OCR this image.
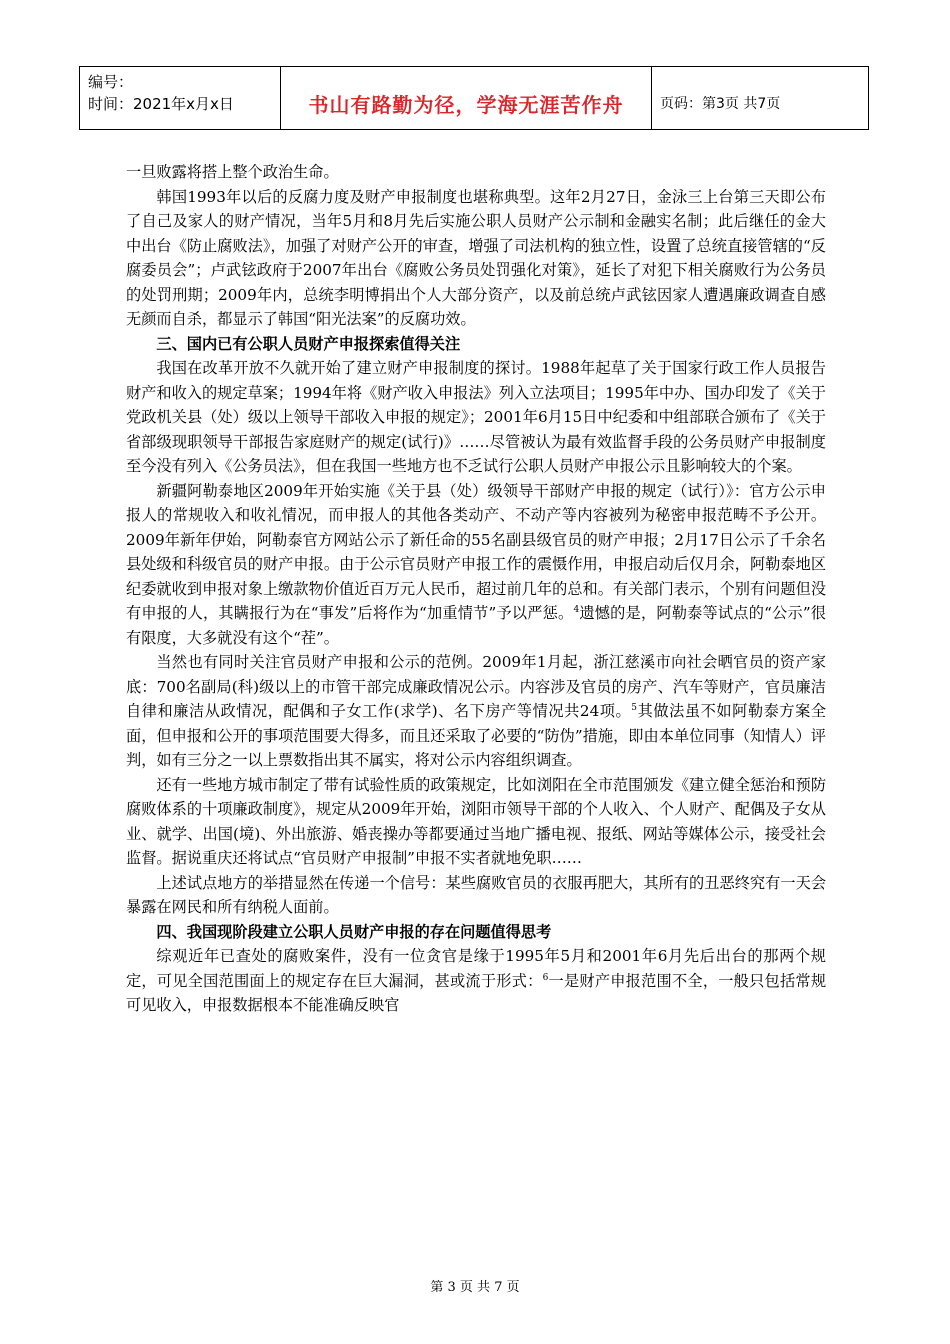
编号：
时间：2021年x月x日	书山有路勤为径，学海无涯苦作舟	页码：第3页 共7页

一旦败露将搭上整个政治生命。

韩国1993年以后的反腐力度及财产申报制度也堪称典型。这年2月27日，金泳三上台第三天即公布了自己及家人的财产情况，当年5月和8月先后实施公职人员财产公示制和金融实名制；此后继任的金大中出台《防止腐败法》，加强了对财产公开的审查，增强了司法机构的独立性，设置了总统直接管辖的“反腐委员会”；卢武铉政府于2007年出台《腐败公务员处罚强化对策》，延长了对犯下相关腐败行为公务员的处罚刑期；2009年内，总统李明博捐出个人大部分资产，以及前总统卢武铉因家人遭遇廉政调查自感无颜而自杀，都显示了韩国“阳光法案”的反腐功效。

三、国内已有公职人员财产申报探索值得关注

我国在改革开放不久就开始了建立财产申报制度的探讨。1988年起草了关于国家行政工作人员报告财产和收入的规定草案；1994年将《财产收入申报法》列入立法项目；1995年中办、国办印发了《关于党政机关县（处）级以上领导干部收入申报的规定》；2001年6月15日中纪委和中组部联合颁布了《关于省部级现职领导干部报告家庭财产的规定(试行)》……尽管被认为最有效监督手段的公务员财产申报制度至今没有列入《公务员法》，但在我国一些地方也不乏试行公职人员财产申报公示且影响较大的个案。

新疆阿勒泰地区2009年开始实施《关于县（处）级领导干部财产申报的规定（试行）》：官方公示申报人的常规收入和收礼情况，而申报人的其他各类动产、不动产等内容被列为秘密申报范畴不予公开。2009年新年伊始，阿勒泰官方网站公示了新任命的55名副县级官员的财产申报；2月17日公示了千余名县处级和科级官员的财产申报。由于公示官员财产申报工作的震慑作用，申报启动后仅月余，阿勒泰地区纪委就收到申报对象上缴款物价值近百万元人民币，超过前几年的总和。有关部门表示，个别有问题但没有申报的人，其瞒报行为在“事发”后将作为“加重情节”予以严惩。$^4$遗憾的是，阿勒泰等试点的“公示”很有限度，大多就没有这个“茬”。

当然也有同时关注官员财产申报和公示的范例。2009年1月起，浙江慈溪市向社会晒官员的资产家底：700名副局(科)级以上的市管干部完成廉政情况公示。内容涉及官员的房产、汽车等财产，官员廉洁自律和廉洁从政情况，配偶和子女工作(求学)、名下房产等情况共24项。$^5$其做法虽不如阿勒泰方案全面，但申报和公开的事项范围要大得多，而且还采取了必要的“防伪”措施，即由本单位同事（知情人）评判，如有三分之一以上票数指出其不属实，将对公示内容组织调查。

还有一些地方城市制定了带有试验性质的政策规定，比如浏阳在全市范围颁发《建立健全惩治和预防腐败体系的十项廉政制度》，规定从2009年开始，浏阳市领导干部的个人收入、个人财产、配偶及子女从业、就学、出国(境)、外出旅游、婚丧操办等都要通过当地广播电视、报纸、网站等媒体公示，接受社会监督。据说重庆还将试点“官员财产申报制”申报不实者就地免职……

上述试点地方的举措显然在传递一个信号：某些腐败官员的衣服再肥大，其所有的丑恶终究有一天会暴露在网民和所有纳税人面前。

四、我国现阶段建立公职人员财产申报的存在问题值得思考

综观近年已查处的腐败案件，没有一位贪官是缘于1995年5月和2001年6月先后出台的那两个规定，可见全国范围面上的规定存在巨大漏洞，甚或流于形式：$^6$一是财产申报范围不全，一般只包括常规可见收入，申报数据根本不能准确反映官

第 3 页 共 7 页
